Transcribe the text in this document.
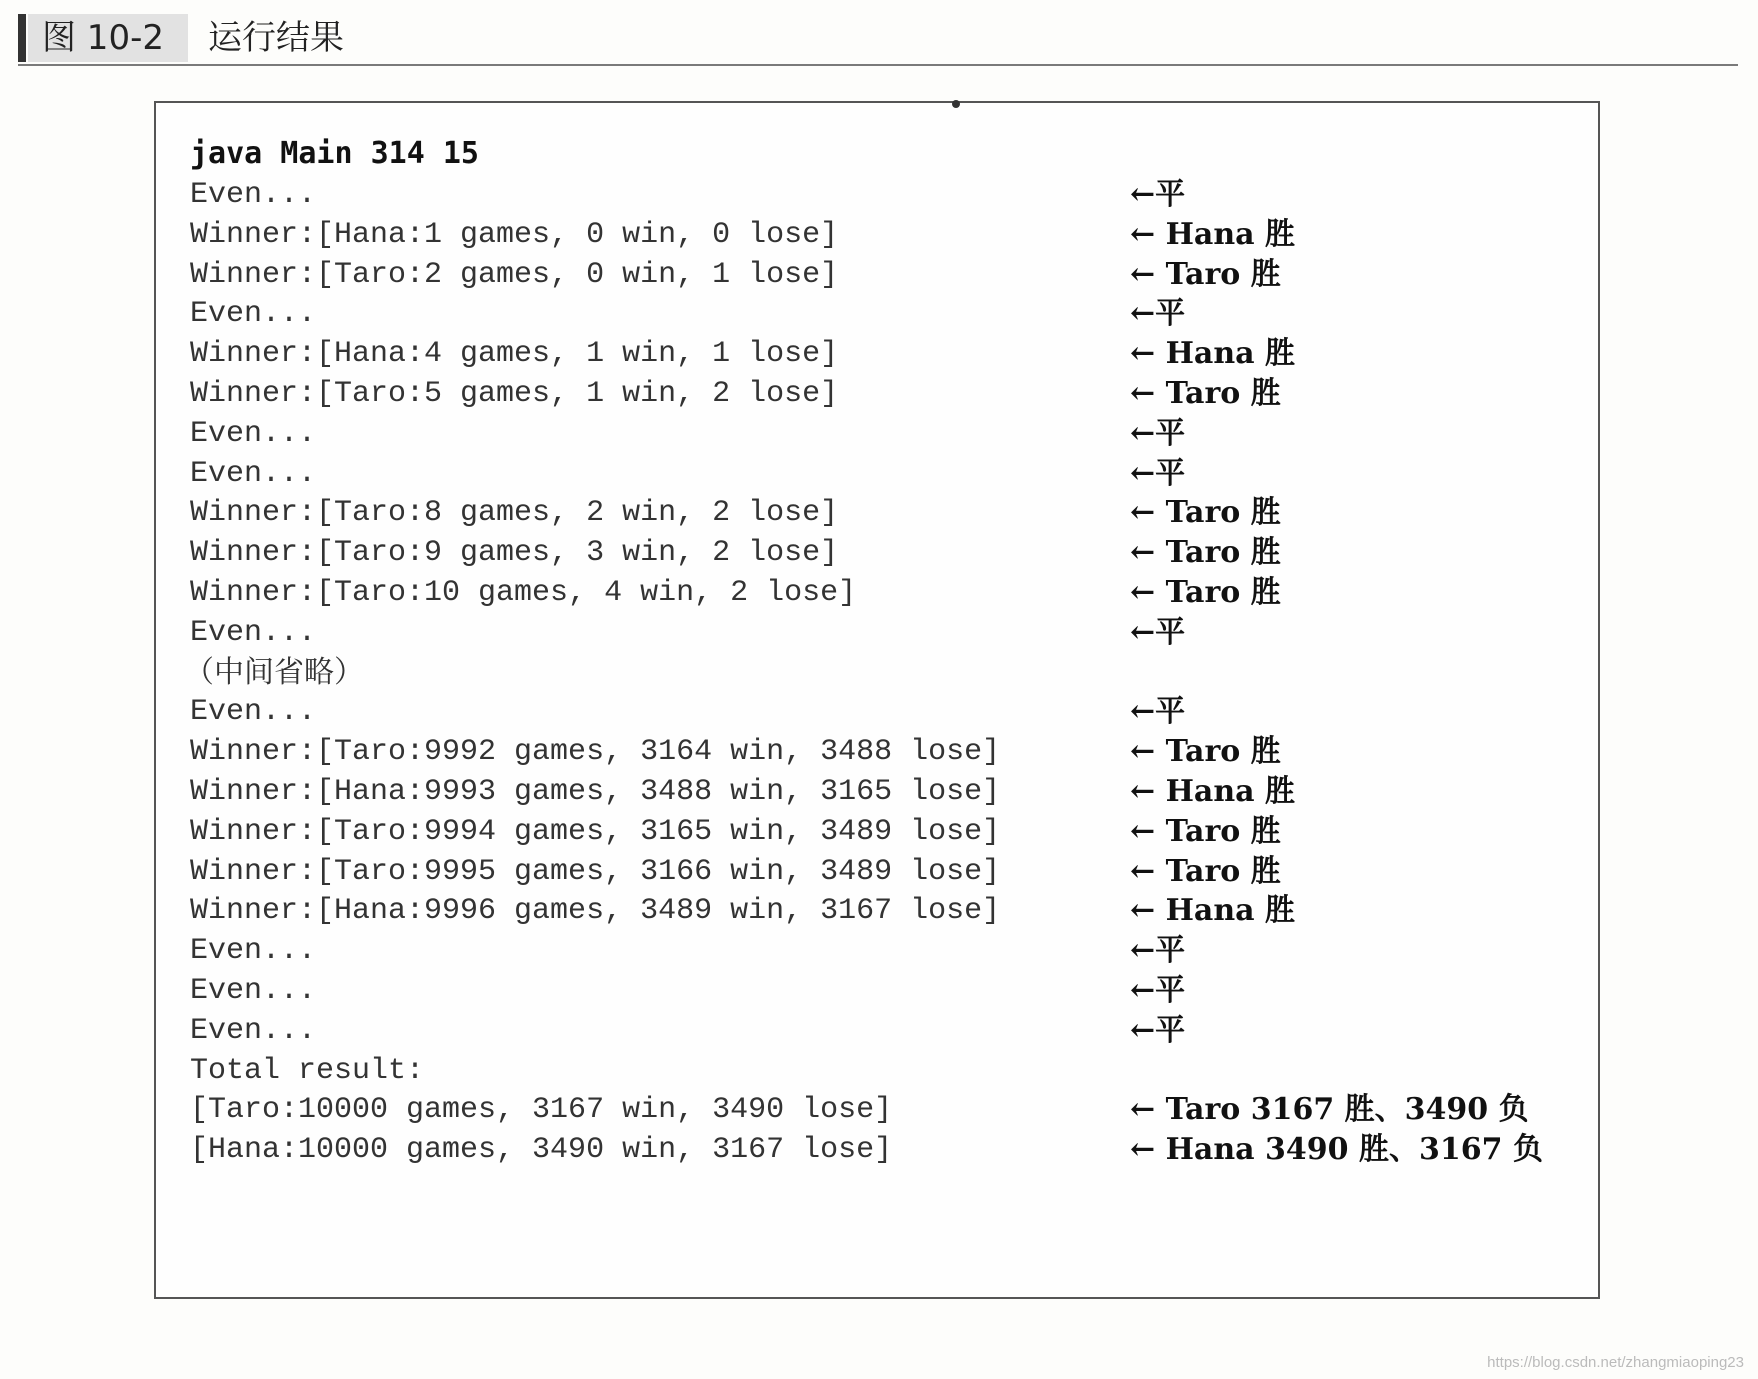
图 10-2	运行结果
java Main 314 15
Even...	←平
Winner:[Hana:1 games, 0 win, 0 lose]	← Hana 胜
Winner:[Taro:2 games, 0 win, 1 lose]	← Taro 胜
Even...	←平
Winner:[Hana:4 games, 1 win, 1 lose]	← Hana 胜
Winner:[Taro:5 games, 1 win, 2 lose]	← Taro 胜
Even...	←平
Even...	←平
Winner:[Taro:8 games, 2 win, 2 lose]	← Taro 胜
Winner:[Taro:9 games, 3 win, 2 lose]	← Taro 胜
Winner:[Taro:10 games, 4 win, 2 lose]	← Taro 胜
Even...	←平
（中间省略）
Even...	←平
Winner:[Taro:9992 games, 3164 win, 3488 lose]	← Taro 胜
Winner:[Hana:9993 games, 3488 win, 3165 lose]	← Hana 胜
Winner:[Taro:9994 games, 3165 win, 3489 lose]	← Taro 胜
Winner:[Taro:9995 games, 3166 win, 3489 lose]	← Taro 胜
Winner:[Hana:9996 games, 3489 win, 3167 lose]	← Hana 胜
Even...	←平
Even...	←平
Even...	←平
Total result:
[Taro:10000 games, 3167 win, 3490 lose]	← Taro 3167 胜、3490 负
[Hana:10000 games, 3490 win, 3167 lose]	← Hana 3490 胜、3167 负
https://blog.csdn.net/zhangmiaoping23
